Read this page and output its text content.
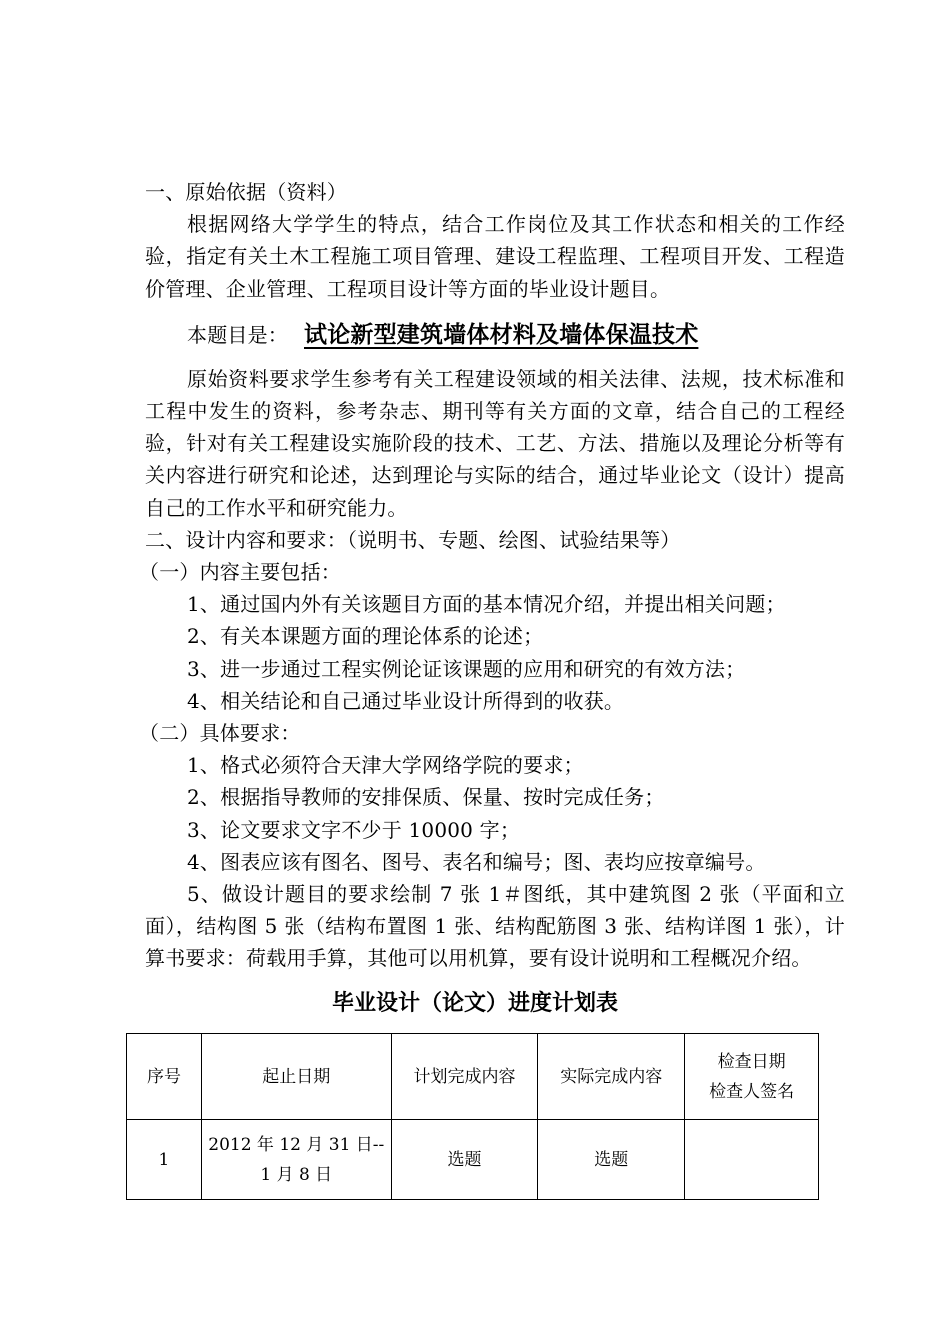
一、原始依据（资料）

根据网络大学学生的特点，结合工作岗位及其工作状态和相关的工作经验，指定有关土木工程施工项目管理、建设工程监理、工程项目开发、工程造价管理、企业管理、工程项目设计等方面的毕业设计题目。

本题目是： 试论新型建筑墙体材料及墙体保温技术

原始资料要求学生参考有关工程建设领域的相关法律、法规，技术标准和工程中发生的资料，参考杂志、期刊等有关方面的文章，结合自己的工程经验，针对有关工程建设实施阶段的技术、工艺、方法、措施以及理论分析等有关内容进行研究和论述，达到理论与实际的结合，通过毕业论文（设计）提高自己的工作水平和研究能力。

二、设计内容和要求：（说明书、专题、绘图、试验结果等）

（一）内容主要包括：

1、通过国内外有关该题目方面的基本情况介绍，并提出相关问题；

2、有关本课题方面的理论体系的论述；

3、进一步通过工程实例论证该课题的应用和研究的有效方法；

4、相关结论和自己通过毕业设计所得到的收获。

（二）具体要求：

1、格式必须符合天津大学网络学院的要求；

2、根据指导教师的安排保质、保量、按时完成任务；

3、论文要求文字不少于 10000 字；

4、图表应该有图名、图号、表名和编号；图、表均应按章编号。

5、做设计题目的要求绘制 7 张 1＃图纸，其中建筑图 2 张（平面和立面），结构图 5 张（结构布置图 1 张、结构配筋图 3 张、结构详图 1 张），计算书要求：荷载用手算，其他可以用机算，要有设计说明和工程概况介绍。

毕业设计（论文）进度计划表
序号	起止日期	计划完成内容	实际完成内容	检查日期
检查人签名

1	2012 年 12 月 31 日--
1 月 8 日	选题	选题	
